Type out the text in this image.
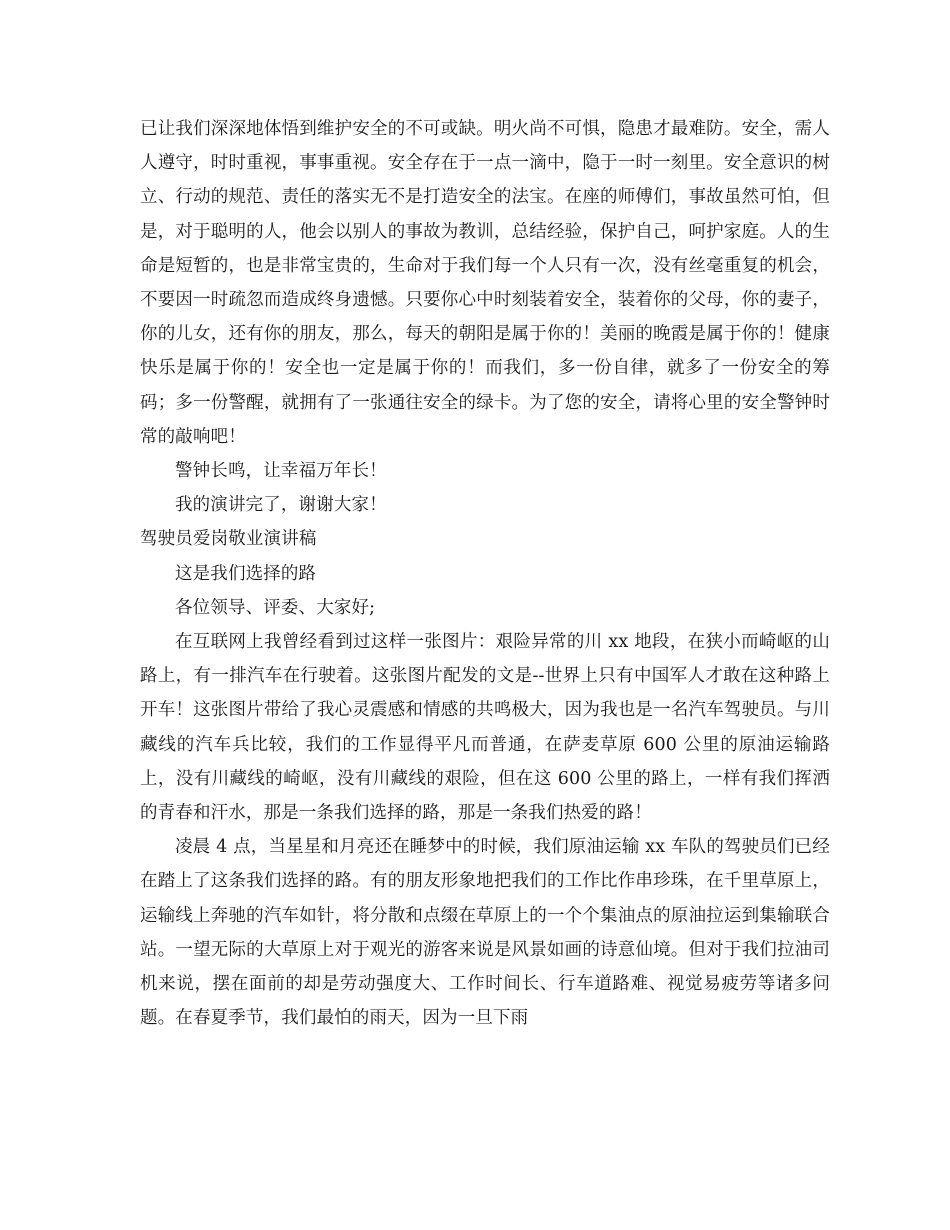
已让我们深深地体悟到维护安全的不可或缺。明火尚不可惧，隐患才最难防。安全，需人人遵守，时时重视，事事重视。安全存在于一点一滴中，隐于一时一刻里。安全意识的树立、行动的规范、责任的落实无不是打造安全的法宝。在座的师傅们，事故虽然可怕，但是，对于聪明的人，他会以别人的事故为教训，总结经验，保护自己，呵护家庭。人的生命是短暂的，也是非常宝贵的，生命对于我们每一个人只有一次，没有丝毫重复的机会，不要因一时疏忽而造成终身遗憾。只要你心中时刻装着安全，装着你的父母，你的妻子，你的儿女，还有你的朋友，那么，每天的朝阳是属于你的！美丽的晚霞是属于你的！健康快乐是属于你的！安全也一定是属于你的！而我们，多一份自律，就多了一份安全的筹码；多一份警醒，就拥有了一张通往安全的绿卡。为了您的安全，请将心里的安全警钟时常的敲响吧！

警钟长鸣，让幸福万年长！

我的演讲完了，谢谢大家！

驾驶员爱岗敬业演讲稿

这是我们选择的路

各位领导、评委、大家好;

在互联网上我曾经看到过这样一张图片：艰险异常的川 xx 地段，在狭小而崎岖的山路上，有一排汽车在行驶着。这张图片配发的文是--世界上只有中国军人才敢在这种路上开车！这张图片带给了我心灵震感和情感的共鸣极大，因为我也是一名汽车驾驶员。与川藏线的汽车兵比较，我们的工作显得平凡而普通，在萨麦草原 600 公里的原油运输路上，没有川藏线的崎岖，没有川藏线的艰险，但在这 600 公里的路上，一样有我们挥洒的青春和汗水，那是一条我们选择的路，那是一条我们热爱的路！

凌晨 4 点，当星星和月亮还在睡梦中的时候，我们原油运输 xx 车队的驾驶员们已经在踏上了这条我们选择的路。有的朋友形象地把我们的工作比作串珍珠，在千里草原上，运输线上奔驰的汽车如针，将分散和点缀在草原上的一个个集油点的原油拉运到集输联合站。一望无际的大草原上对于观光的游客来说是风景如画的诗意仙境。但对于我们拉油司机来说，摆在面前的却是劳动强度大、工作时间长、行车道路难、视觉易疲劳等诸多问题。在春夏季节，我们最怕的雨天，因为一旦下雨
